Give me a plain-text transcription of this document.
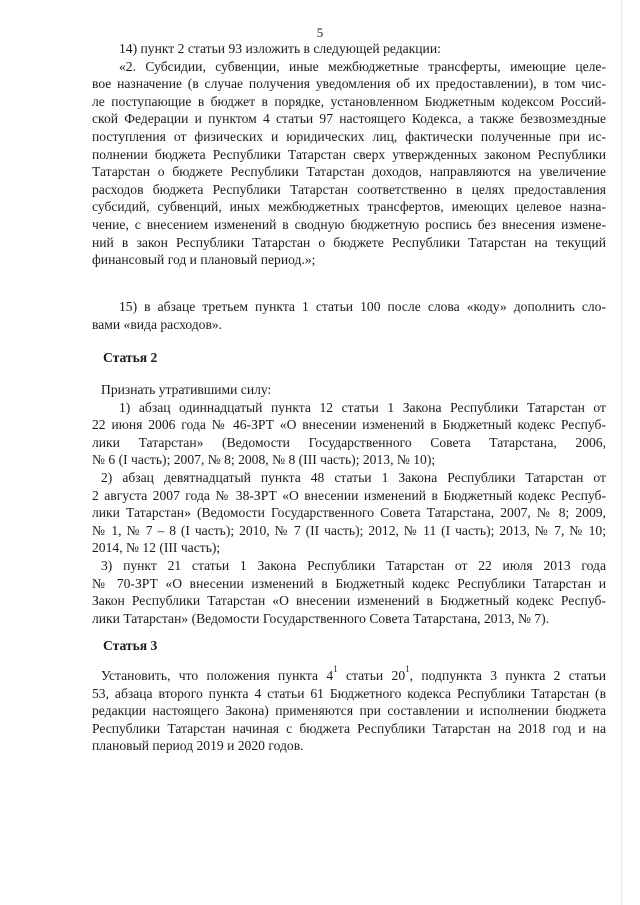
5
14) пункт 2 статьи 93 изложить в следующей редакции:
«2. Субсидии, субвенции, иные межбюджетные трансферты, имеющие целе-
вое назначение (в случае получения уведомления об их предоставлении), в том чис-
ле поступающие в бюджет в порядке, установленном Бюджетным кодексом Россий-
ской Федерации и пунктом 4 статьи 97 настоящего Кодекса, а также безвозмездные
поступления от физических и юридических лиц, фактически полученные при ис-
полнении бюджета Республики Татарстан сверх утвержденных законом Республики
Татарстан о бюджете Республики Татарстан доходов, направляются на увеличение
расходов бюджета Республики Татарстан соответственно в целях предоставления
субсидий, субвенций, иных межбюджетных трансфертов, имеющих целевое назна-
чение, с внесением изменений в сводную бюджетную роспись без внесения измене-
ний в закон Республики Татарстан о бюджете Республики Татарстан на текущий
финансовый год и плановый период.»;
15) в абзаце третьем пункта 1 статьи 100 после слова «коду» дополнить сло-
вами «вида расходов».
Статья 2
Признать утратившими силу:
1) абзац одиннадцатый пункта 12 статьи 1 Закона Республики Татарстан от
22 июня 2006 года № 46-ЗРТ «О внесении изменений в Бюджетный кодекс Респуб-
лики Татарстан» (Ведомости Государственного Совета Татарстана, 2006,
№ 6 (I часть); 2007, № 8; 2008, № 8 (III часть); 2013, № 10);
2) абзац девятнадцатый пункта 48 статьи 1 Закона Республики Татарстан от
2 августа 2007 года № 38-ЗРТ «О внесении изменений в Бюджетный кодекс Респуб-
лики Татарстан» (Ведомости Государственного Совета Татарстана, 2007, № 8; 2009,
№ 1, № 7 – 8 (I часть); 2010, № 7 (II часть); 2012, № 11 (I часть); 2013, № 7, № 10;
2014, № 12 (III часть);
3) пункт 21 статьи 1 Закона Республики Татарстан от 22 июля 2013 года
№ 70-ЗРТ «О внесении изменений в Бюджетный кодекс Республики Татарстан и
Закон Республики Татарстан «О внесении изменений в Бюджетный кодекс Респуб-
лики Татарстан» (Ведомости Государственного Совета Татарстана, 2013, № 7).
Статья 3
Установить, что положения пункта $4^1$ статьи $20^1$, подпункта 3 пункта 2 статьи
53, абзаца второго пункта 4 статьи 61 Бюджетного кодекса Республики Татарстан (в
редакции настоящего Закона) применяются при составлении и исполнении бюджета
Республики Татарстан начиная с бюджета Республики Татарстан на 2018 год и на
плановый период 2019 и 2020 годов.
